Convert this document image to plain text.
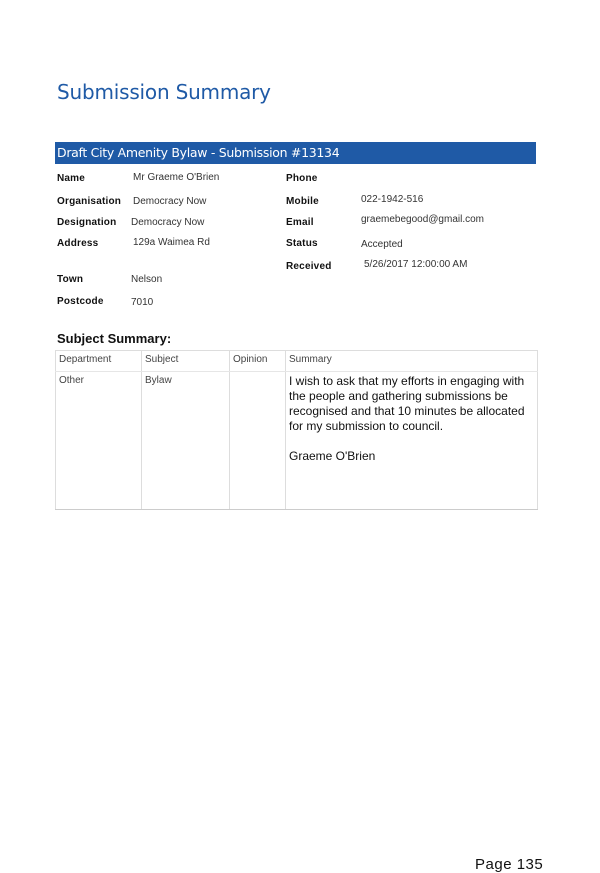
Submission Summary
Draft City Amenity Bylaw - Submission #13134
Name	Mr Graeme O'Brien
Organisation Democracy Now
Designation Democracy Now
Address	129a Waimea Rd
Town	Nelson
Postcode	7010
Phone
Mobile	022-1942-516
Email	graemebegood@gmail.com
Status	Accepted
Received	5/26/2017 12:00:00 AM
Subject Summary:
Department	Subject	Opinion	Summary
Other	Bylaw		I wish to ask that my efforts in engaging with the people and gathering submissions be recognised and that 10 minutes be allocated for my submission to council.

Graeme O'Brien
Page 135
